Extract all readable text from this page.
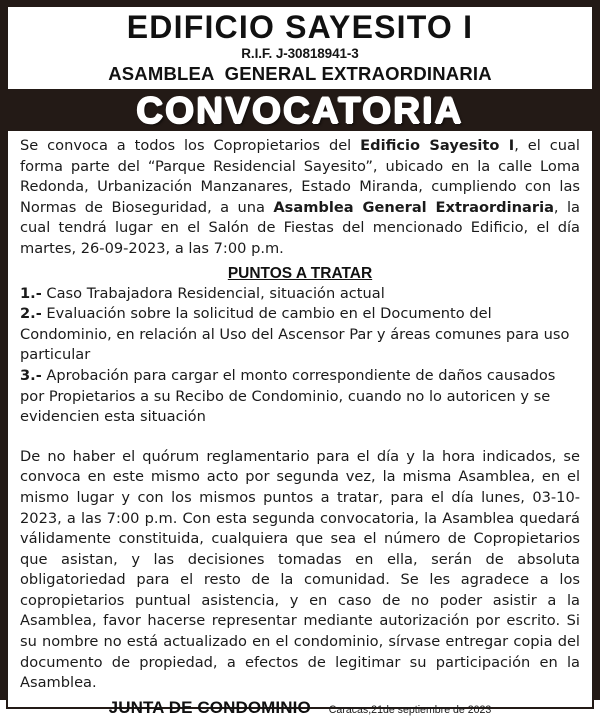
EDIFICIO SAYESITO I
R.I.F. J-30818941-3
ASAMBLEA  GENERAL EXTRAORDINARIA
CONVOCATORIA

Se convoca a todos los Copropietarios del Edificio Sayesito I, el cual forma parte del “Parque Residencial Sayesito”, ubicado en la calle Loma Redonda, Urbanización Manzanares, Estado Miranda, cumpliendo con las Normas de Bioseguridad, a una Asamblea General Extraordinaria, la cual tendrá lugar en el Salón de Fiestas del mencionado Edificio, el día martes, 26-09-2023, a las 7:00 p.m.

PUNTOS A TRATAR

1.- Caso Trabajadora Residencial, situación actual

2.- Evaluación sobre la solicitud de cambio en el Documento del Condominio, en relación al Uso del Ascensor Par y áreas comunes para uso particular

3.- Aprobación para cargar el monto correspondiente de daños causados por Propietarios a su Recibo de Condominio, cuando no lo autoricen y se evidencien esta situación

De no haber el quórum reglamentario para el día y la hora indicados, se convoca en este mismo acto por segunda vez, la misma Asamblea, en el mismo lugar y con los mismos puntos a tratar, para el día lunes, 03-10-2023, a las 7:00 p.m. Con esta segunda convocatoria, la Asamblea quedará válidamente constituida, cualquiera que sea el número de Copropietarios que asistan, y las decisiones tomadas en ella, serán de absoluta obligatoriedad para el resto de la comunidad. Se les agradece a los copropietarios puntual asistencia, y en caso de no poder asistir a la Asamblea, favor hacerse representar mediante autorización por escrito. Si su nombre no está actualizado en el condominio, sírvase entregar copia del documento de propiedad, a efectos de legitimar su participación en la Asamblea.

JUNTA DE CONDOMINIO Caracas,21de septiembre de 2023
